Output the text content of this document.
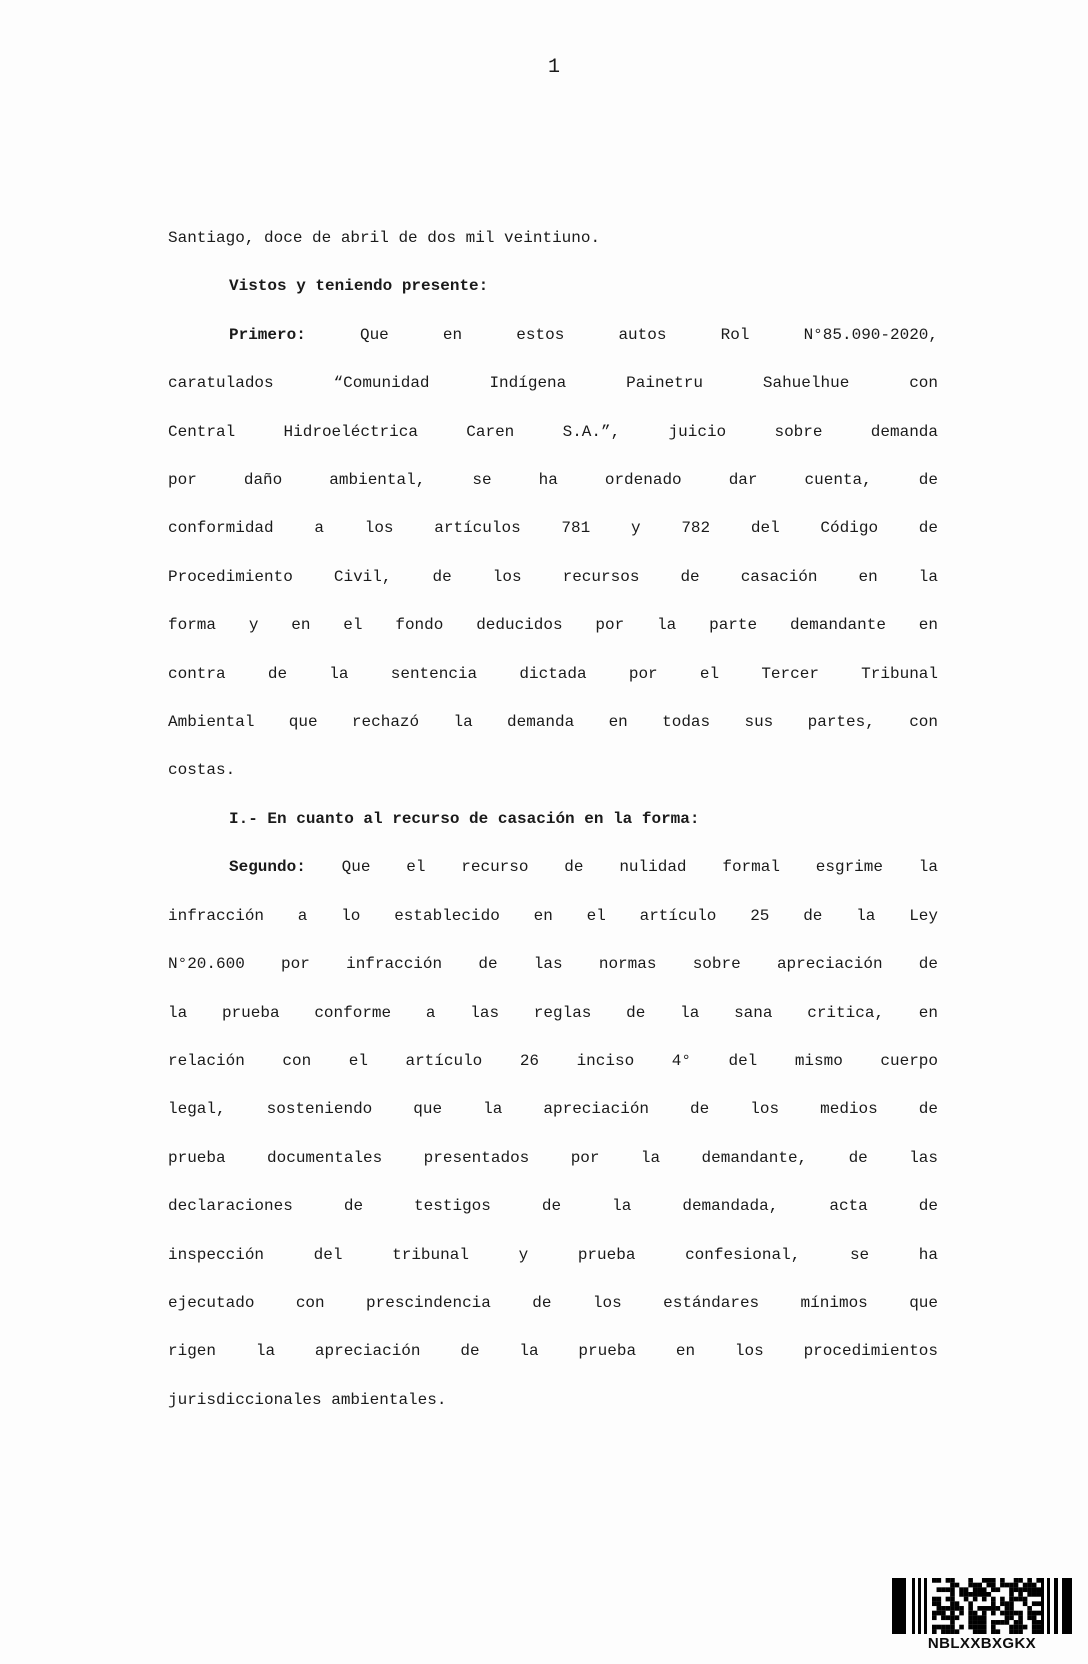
1
Santiago, doce de abril de dos mil veintiuno.
Vistos y teniendo presente:
Primero: Que en estos autos Rol N°85.090-2020,
caratulados “Comunidad Indígena Painetru Sahuelhue con
Central Hidroeléctrica Caren S.A.”, juicio sobre demanda
por daño ambiental, se ha ordenado dar cuenta, de
conformidad a los artículos 781 y 782 del Código de
Procedimiento Civil, de los recursos de casación en la
forma y en el fondo deducidos por la parte demandante en
contra de la sentencia dictada por el Tercer Tribunal
Ambiental que rechazó la demanda en todas sus partes, con
costas.
I.- En cuanto al recurso de casación en la forma:
Segundo: Que el recurso de nulidad formal esgrime la
infracción a lo establecido en el artículo 25 de la Ley
N°20.600 por infracción de las normas sobre apreciación de
la prueba conforme a las reglas de la sana critica, en
relación con el artículo 26 inciso 4° del mismo cuerpo
legal, sosteniendo que la apreciación de los medios de
prueba documentales presentados por la demandante, de las
declaraciones de testigos de la demandada, acta de
inspección del tribunal y prueba confesional, se ha
ejecutado con prescindencia de los estándares mínimos que
rigen la apreciación de la prueba en los procedimientos
jurisdiccionales ambientales.
NBLXXBXGKX
